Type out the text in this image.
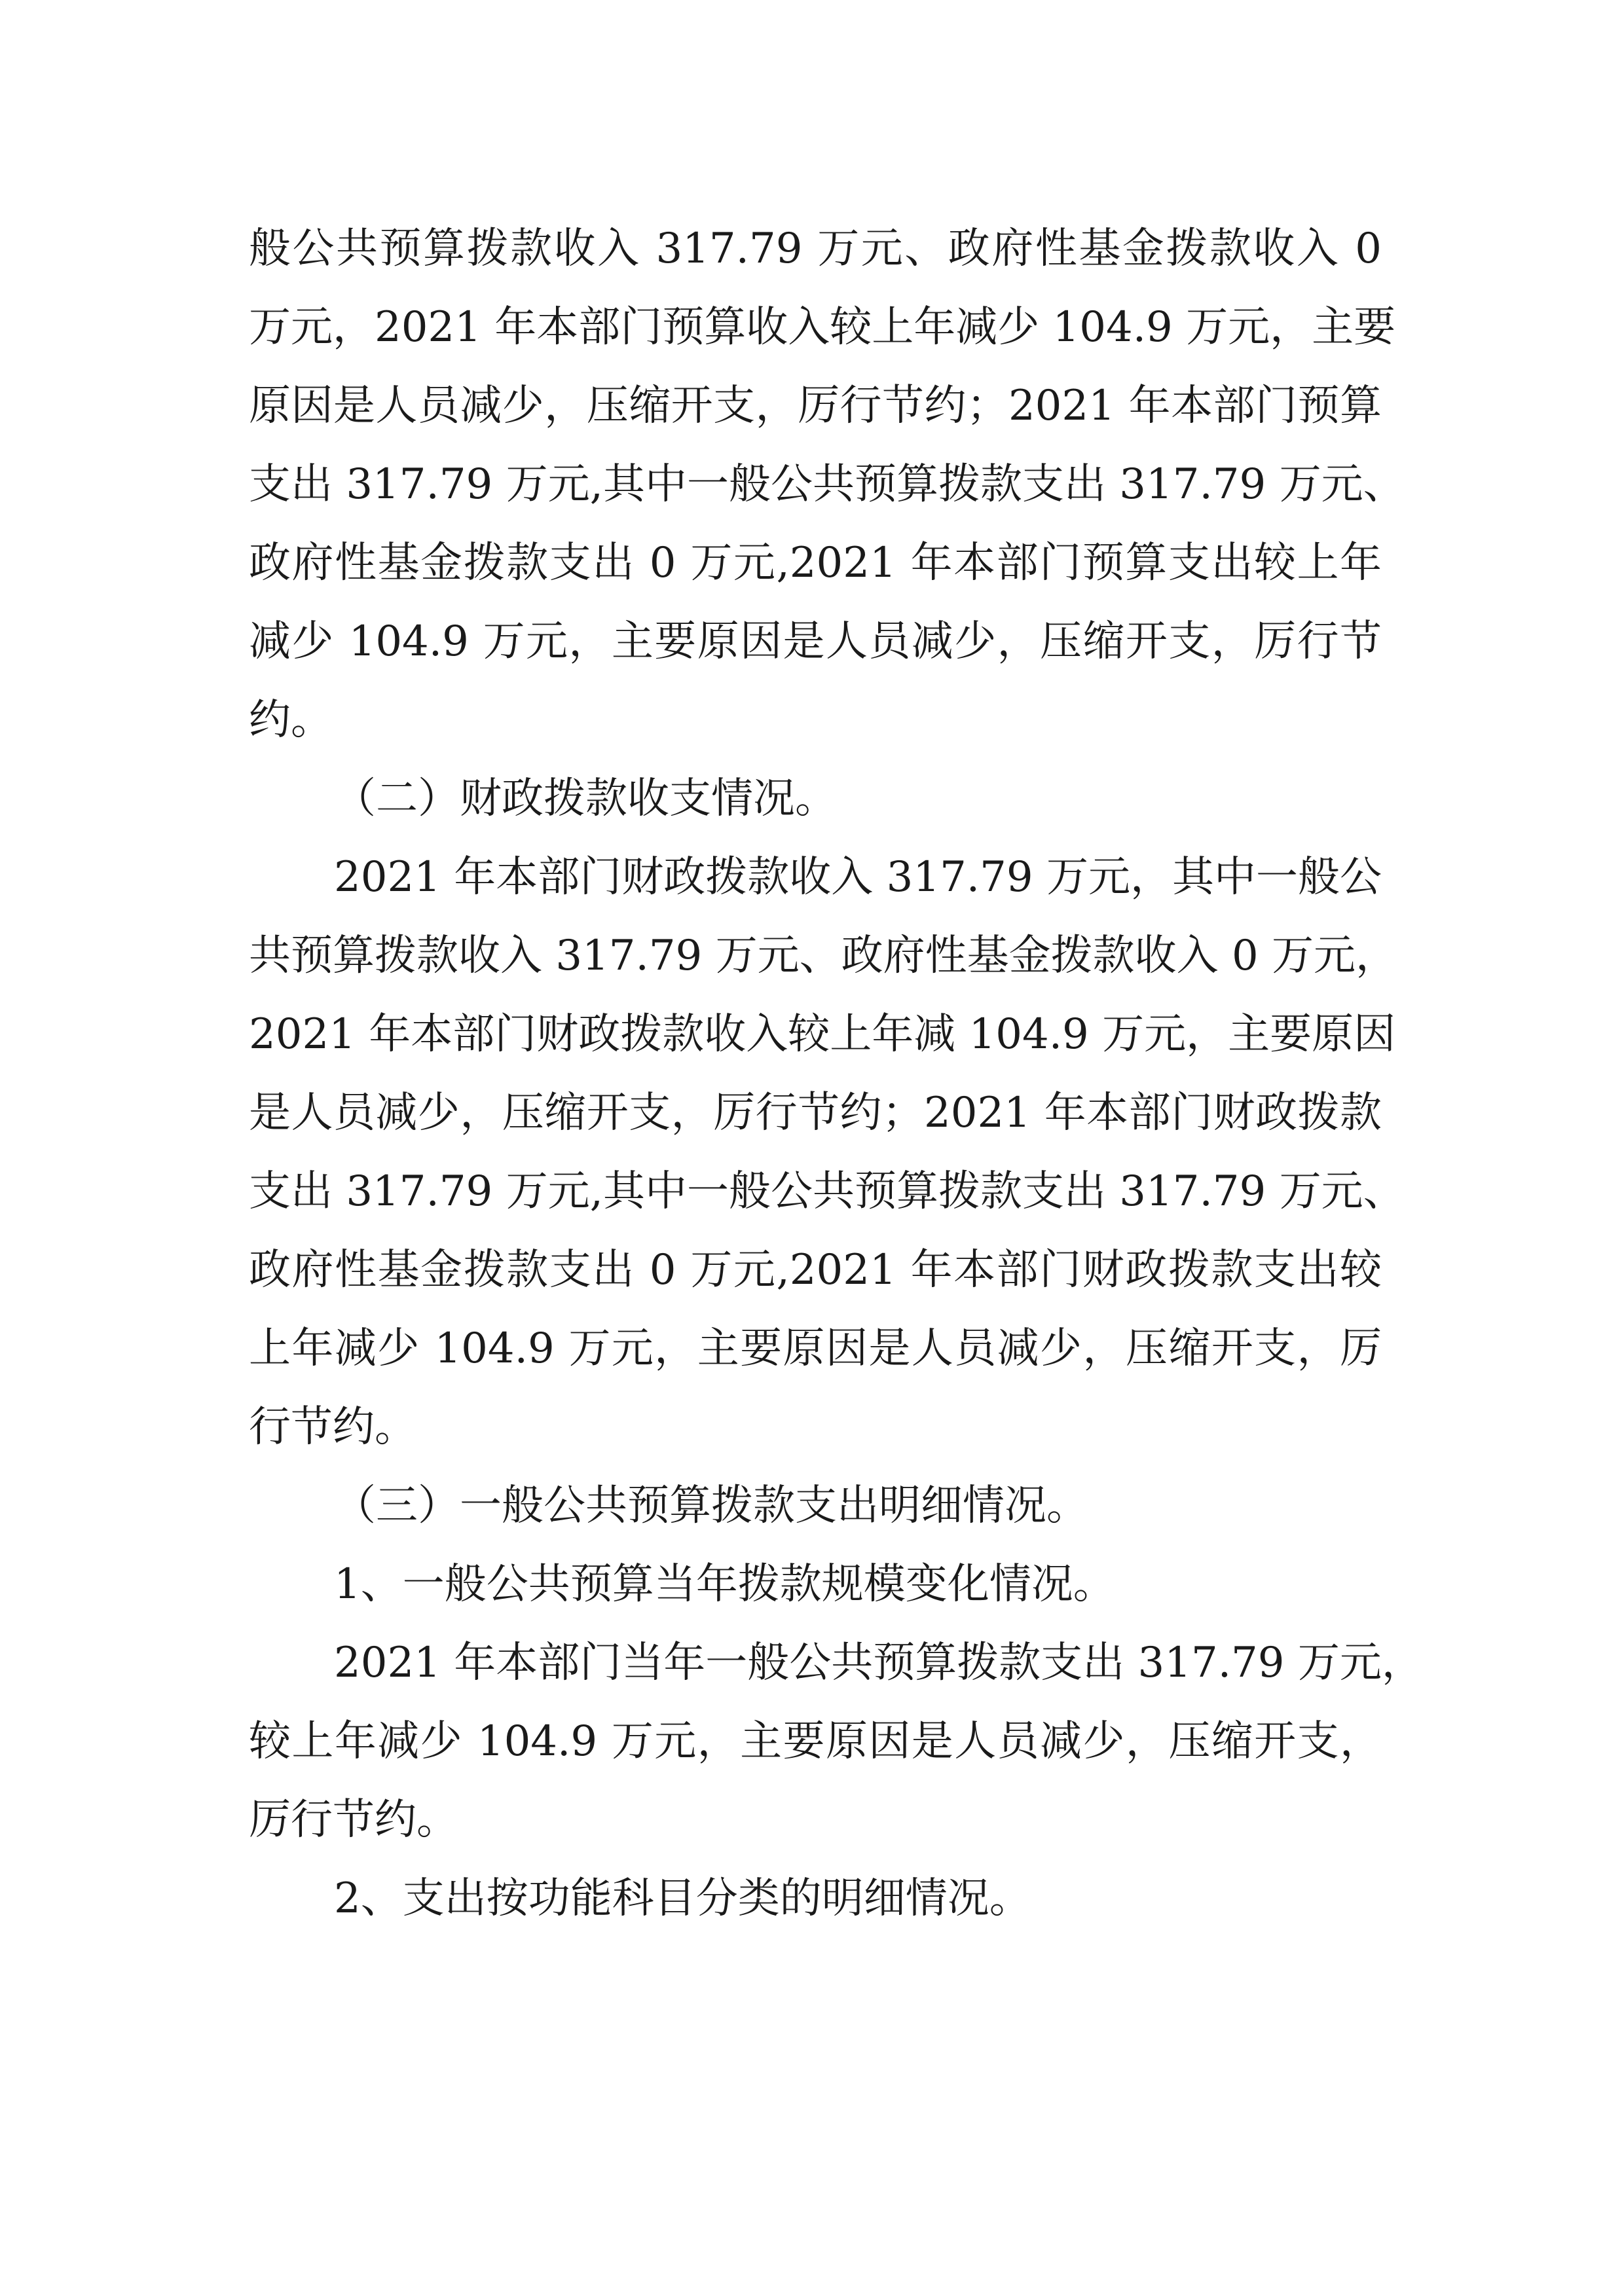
般公共预算拨款收入 317.79 万元、政府性基金拨款收入 0
万元，2021 年本部门预算收入较上年减少 104.9 万元，主要
原因是人员减少，压缩开支，厉行节约；2021 年本部门预算
支出 317.79 万元,其中一般公共预算拨款支出 317.79 万元、
政府性基金拨款支出 0 万元,2021 年本部门预算支出较上年
减少 104.9 万元，主要原因是人员减少，压缩开支，厉行节
约。
（二）财政拨款收支情况。
2021 年本部门财政拨款收入 317.79 万元，其中一般公
共预算拨款收入 317.79 万元、政府性基金拨款收入 0 万元，
2021 年本部门财政拨款收入较上年减 104.9 万元，主要原因
是人员减少，压缩开支，厉行节约；2021 年本部门财政拨款
支出 317.79 万元,其中一般公共预算拨款支出 317.79 万元、
政府性基金拨款支出 0 万元,2021 年本部门财政拨款支出较
上年减少 104.9 万元，主要原因是人员减少，压缩开支，厉
行节约。
（三）一般公共预算拨款支出明细情况。
1、一般公共预算当年拨款规模变化情况。
2021 年本部门当年一般公共预算拨款支出 317.79 万元，
较上年减少 104.9 万元，主要原因是人员减少，压缩开支，
厉行节约。
2、支出按功能科目分类的明细情况。
